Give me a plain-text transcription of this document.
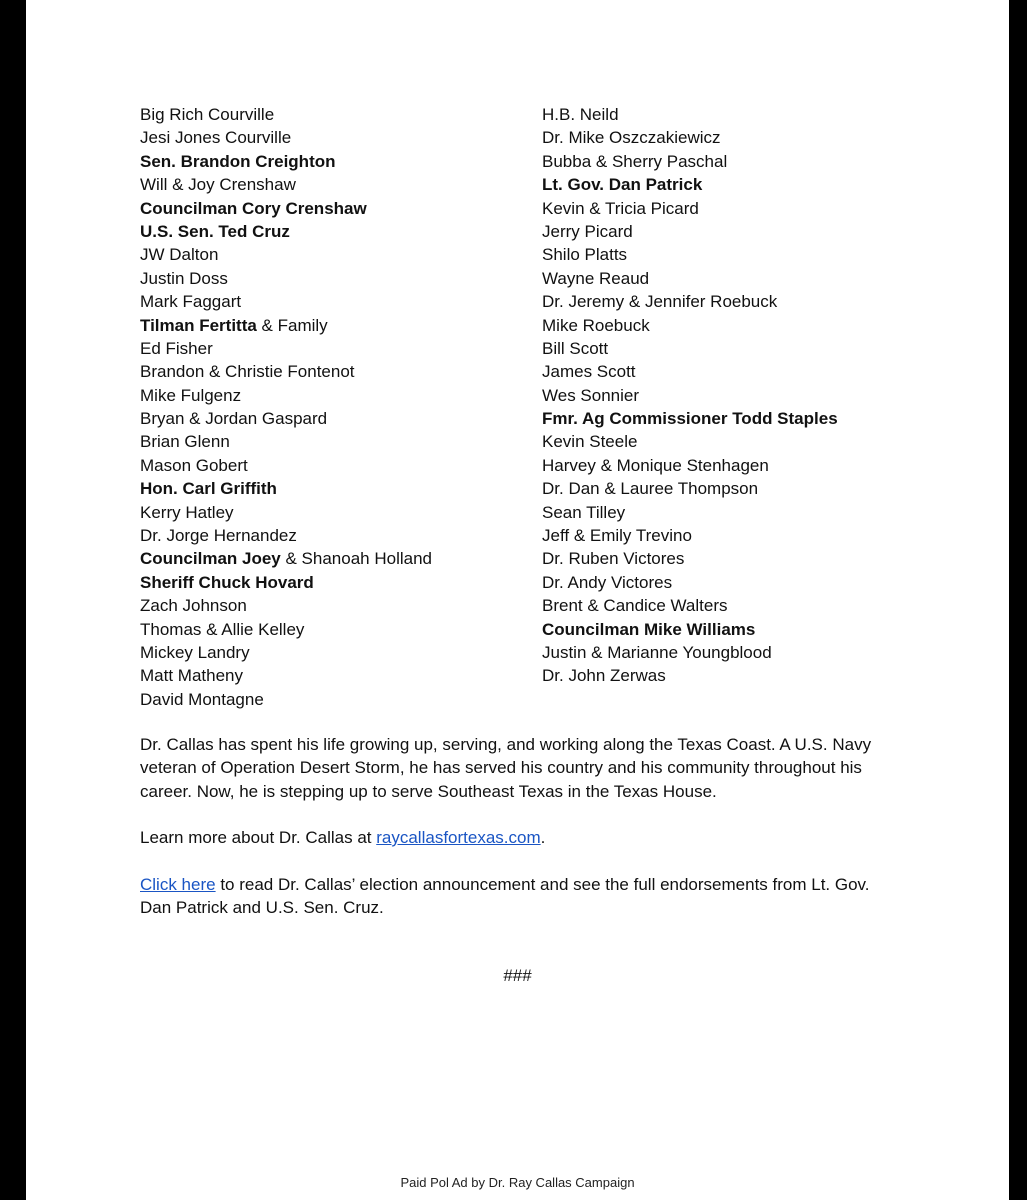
Big Rich Courville
Jesi Jones Courville
Sen. Brandon Creighton
Will & Joy Crenshaw
Councilman Cory Crenshaw
U.S. Sen. Ted Cruz
JW Dalton
Justin Doss
Mark Faggart
Tilman Fertitta & Family
Ed Fisher
Brandon & Christie Fontenot
Mike Fulgenz
Bryan & Jordan Gaspard
Brian Glenn
Mason Gobert
Hon. Carl Griffith
Kerry Hatley
Dr. Jorge Hernandez
Councilman Joey & Shanoah Holland
Sheriff Chuck Hovard
Zach Johnson
Thomas & Allie Kelley
Mickey Landry
Matt Matheny
David Montagne
H.B. Neild
Dr. Mike Oszczakiewicz
Bubba & Sherry Paschal
Lt. Gov. Dan Patrick
Kevin & Tricia Picard
Jerry Picard
Shilo Platts
Wayne Reaud
Dr. Jeremy & Jennifer Roebuck
Mike Roebuck
Bill Scott
James Scott
Wes Sonnier
Fmr. Ag Commissioner Todd Staples
Kevin Steele
Harvey & Monique Stenhagen
Dr. Dan & Lauree Thompson
Sean Tilley
Jeff & Emily Trevino
Dr. Ruben Victores
Dr. Andy Victores
Brent & Candice Walters
Councilman Mike Williams
Justin & Marianne Youngblood
Dr. John Zerwas

Dr. Callas has spent his life growing up, serving, and working along the Texas Coast. A U.S. Navy veteran of Operation Desert Storm, he has served his country and his community throughout his career. Now, he is stepping up to serve Southeast Texas in the Texas House.

Learn more about Dr. Callas at raycallasfortexas.com.

Click here to read Dr. Callas’ election announcement and see the full endorsements from Lt. Gov. Dan Patrick and U.S. Sen. Cruz.

###
Paid Pol Ad by Dr. Ray Callas Campaign
